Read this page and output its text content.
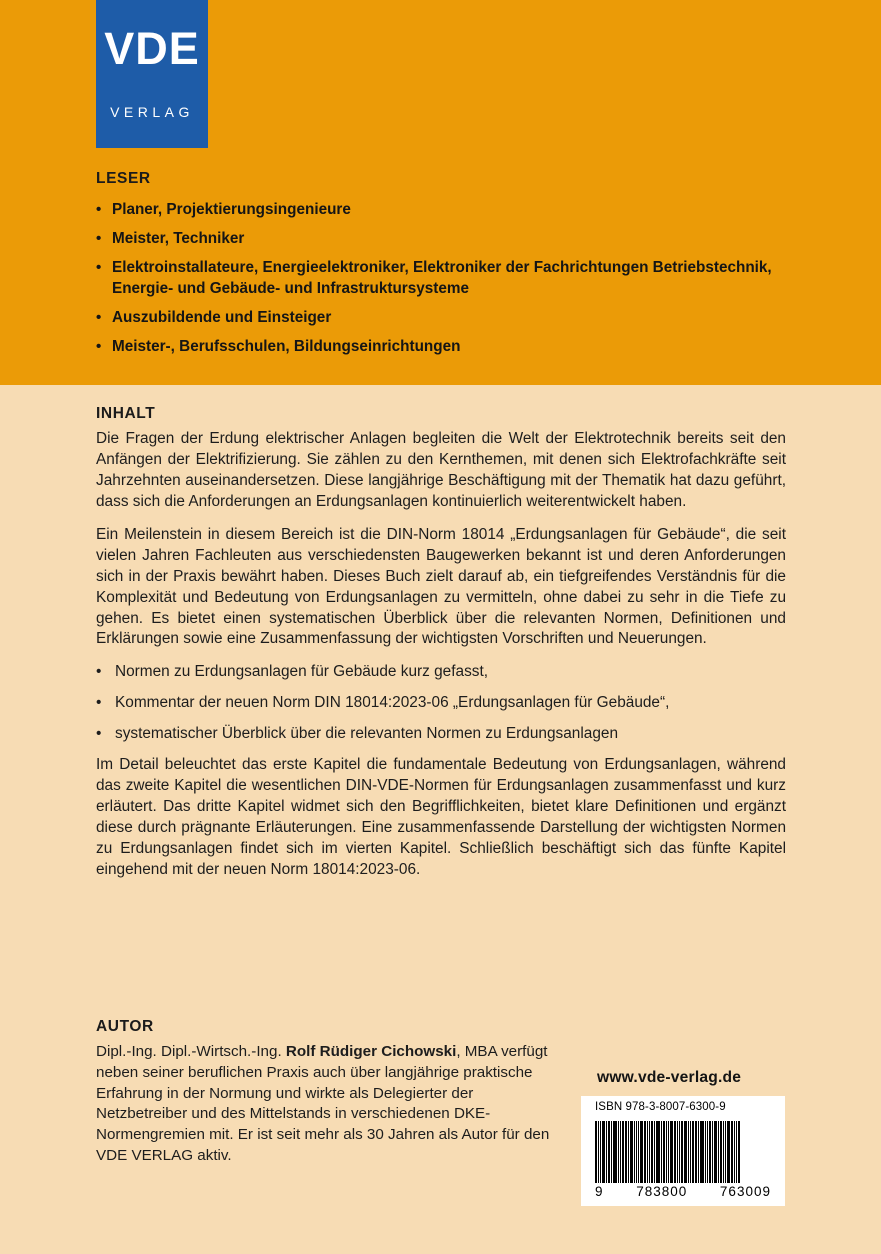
VDE
VERLAG
LESER
• Planer, Projektierungsingenieure
• Meister, Techniker
• Elektroinstallateure, Energieelektroniker, Elektroniker der Fachrichtungen Betriebstechnik, Energie- und Gebäude- und Infrastruktursysteme
• Auszubildende und Einsteiger
• Meister-, Berufsschulen, Bildungseinrichtungen
INHALT

Die Fragen der Erdung elektrischer Anlagen begleiten die Welt der Elektrotechnik bereits seit den Anfängen der Elektrifizierung. Sie zählen zu den Kernthemen, mit denen sich Elektrofachkräfte seit Jahrzehnten auseinandersetzen. Diese langjährige Beschäftigung mit der Thematik hat dazu geführt, dass sich die Anforderungen an Erdungsanlagen kontinuierlich weiterentwickelt haben.

Ein Meilenstein in diesem Bereich ist die DIN-Norm 18014 „Erdungsanlagen für Gebäude“, die seit vielen Jahren Fachleuten aus verschiedensten Baugewerken bekannt ist und deren Anforderungen sich in der Praxis bewährt haben. Dieses Buch zielt darauf ab, ein tiefgreifendes Verständnis für die Komplexität und Bedeutung von Erdungsanlagen zu vermitteln, ohne dabei zu sehr in die Tiefe zu gehen. Es bietet einen systematischen Überblick über die relevanten Normen, Definitionen und Erklärungen sowie eine Zusammenfassung der wichtigsten Vorschriften und Neuerungen.

• Normen zu Erdungsanlagen für Gebäude kurz gefasst,

• Kommentar der neuen Norm DIN 18014:2023-06 „Erdungsanlagen für Gebäude“,

• systematischer Überblick über die relevanten Normen zu Erdungsanlagen

Im Detail beleuchtet das erste Kapitel die fundamentale Bedeutung von Erdungsanlagen, während das zweite Kapitel die wesentlichen DIN-VDE-Normen für Erdungsanlagen zusammenfasst und kurz erläutert. Das dritte Kapitel widmet sich den Begrifflichkeiten, bietet klare Definitionen und ergänzt diese durch prägnante Erläuterungen. Eine zusammenfassende Darstellung der wichtigsten Normen zu Erdungsanlagen findet sich im vierten Kapitel. Schließlich beschäftigt sich das fünfte Kapitel eingehend mit der neuen Norm 18014:2023-06.

AUTOR

Dipl.-Ing. Dipl.-Wirtsch.-Ing. Rolf Rüdiger Cichowski, MBA verfügt neben seiner beruflichen Praxis auch über langjährige praktische Erfahrung in der Normung und wirkte als Delegierter der Netzbetreiber und des Mittelstands in verschiedenen DKE-Normengremien mit. Er ist seit mehr als 30 Jahren als Autor für den VDE VERLAG aktiv.

www.vde-verlag.de
ISBN 978-3-8007-6300-9
9 783800 763009
